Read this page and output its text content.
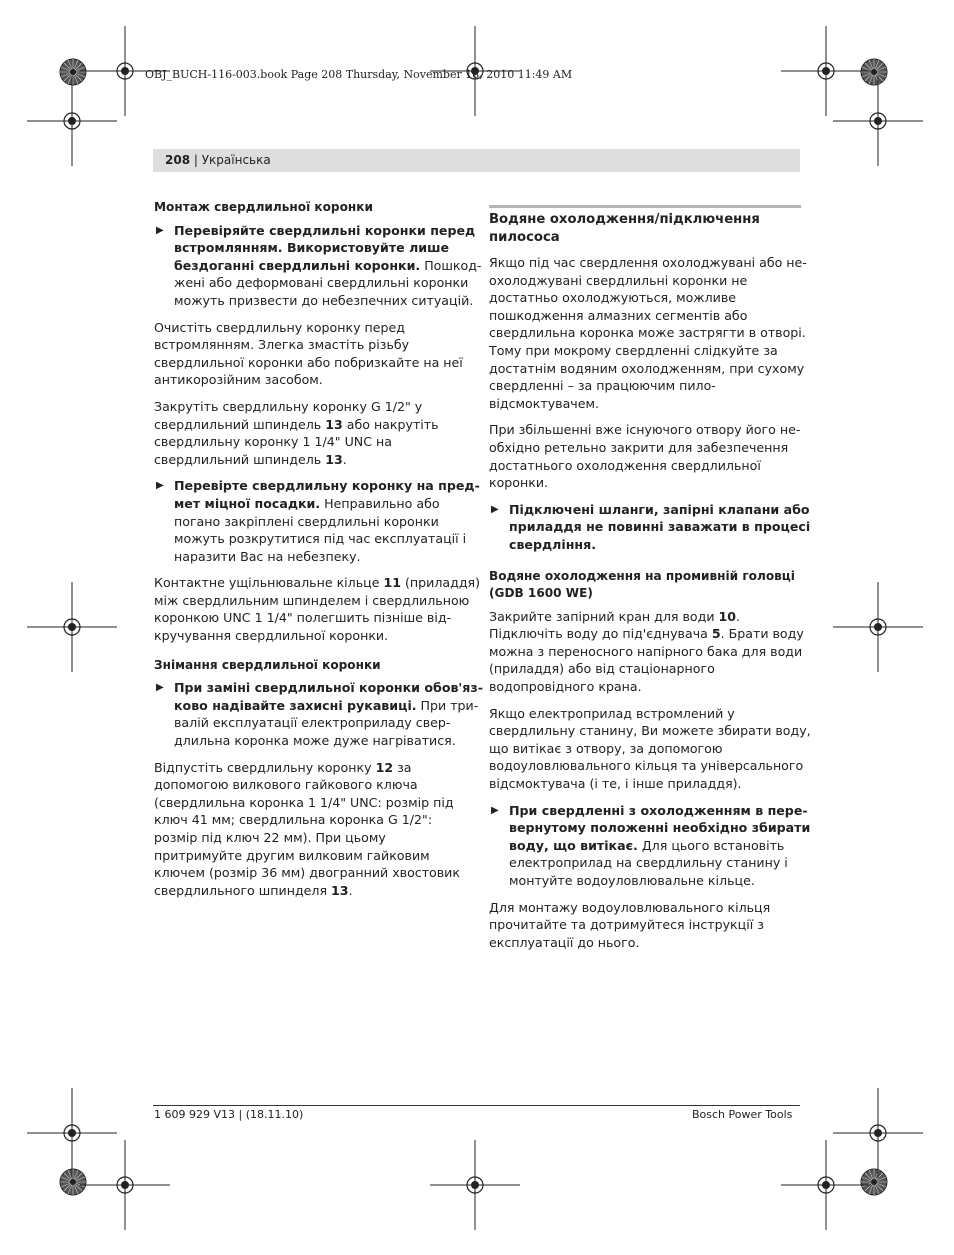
OBJ_BUCH-116-003.book Page 208 Thursday, November 18, 2010 11:49 AM
208 | Українська
Монтаж свердлильної коронки
▶ Перевіряйте свердлильні коронки перед
встромлянням. Використовуйте лише
бездоганні свердлильні коронки. Пошкод-
жені або деформовані свердлильні коронки
можуть призвести до небезпечних ситуацій.
Очистіть свердлильну коронку перед
встромлянням. Злегка змастіть різьбу
свердлильної коронки або побризкайте на неї
антикорозійним засобом.
Закрутіть свердлильну коронку G 1/2" у
свердлильний шпиндель 13 або накрутіть
свердлильну коронку 1 1/4" UNC на
свердлильний шпиндель 13.
▶ Перевірте свердлильну коронку на пред-
мет міцної посадки. Неправильно або
погано закріплені свердлильні коронки
можуть розкрутитися під час експлуатації і
наразити Вас на небезпеку.
Контактне ущільнювальне кільце 11 (приладдя)
між свердлильним шпинделем і свердлильною
коронкою UNC 1 1/4" полегшить пізніше від-
кручування свердлильної коронки.
Знімання свердлильної коронки
▶ При заміні свердлильної коронки обов'яз-
ково надівайте захисні рукавиці. При три-
валій експлуатації електроприладу свер-
длильна коронка може дуже нагріватися.
Відпустіть свердлильну коронку 12 за
допомогою вилкового гайкового ключа
(свердлильна коронка 1 1/4" UNC: розмір під
ключ 41 мм; свердлильна коронка G 1/2":
розмір під ключ 22 мм). При цьому
притримуйте другим вилковим гайковим
ключем (розмір 36 мм) двогранний хвостовик
свердлильного шпинделя 13.
Водяне охолодження/підключення
пилососа
Якщо під час свердлення охолоджувані або не-
охолоджувані свердлильні коронки не
достатньо охолоджуються, можливе
пошкодження алмазних сегментів або
свердлильна коронка може застрягти в отворі.
Тому при мокрому свердленні слідкуйте за
достатнім водяним охолодженням, при сухому
свердленні – за працюючим пило-
відсмоктувачем.
При збільшенні вже існуючого отвору його не-
обхідно ретельно закрити для забезпечення
достатнього охолодження свердлильної
коронки.
▶ Підключені шланги, запірні клапани або
приладдя не повинні заважати в процесі
свердління.
Водяне охолодження на промивній головці
(GDB 1600 WE)
Закрийте запірний кран для води 10.
Підключіть воду до під'єднувача 5. Брати воду
можна з переносного напірного бака для води
(приладдя) або від стаціонарного
водопровідного крана.
Якщо електроприлад встромлений у
свердлильну станину, Ви можете збирати воду,
що витікає з отвору, за допомогою
водоуловлювального кільця та універсального
відсмоктувача (і те, і інше приладдя).
▶ При свердленні з охолодженням в пере-
вернутому положенні необхідно збирати
воду, що витікає. Для цього встановіть
електроприлад на свердлильну станину і
монтуйте водоуловлювальне кільце.
Для монтажу водоуловлювального кільця
прочитайте та дотримуйтеся інструкції з
експлуатації до нього.
1 609 929 V13 | (18.11.10)	Bosch Power Tools
